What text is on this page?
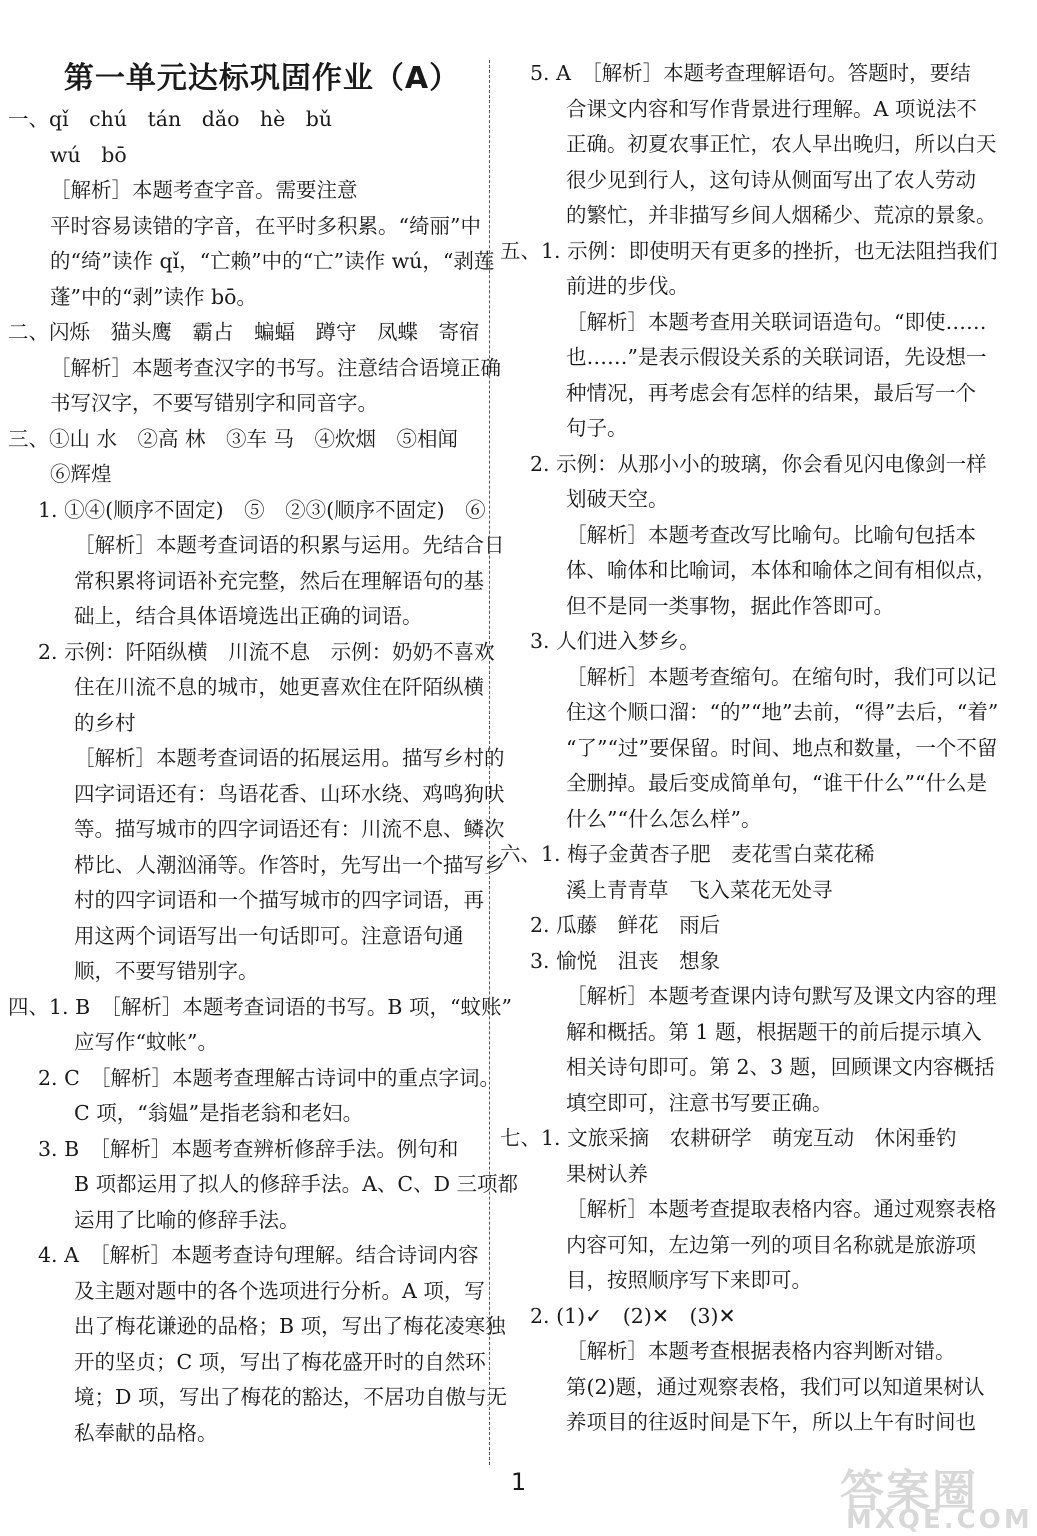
第一单元达标巩固作业（A）
一、qǐ　chú　tán　dǎo　hè　bǔ
wú　bō
［解析］本题考查字音。需要注意
平时容易读错的字音，在平时多积累。“绮丽”中
的“绮”读作 qǐ，“亡赖”中的“亡”读作 wú，“剥莲
蓬”中的“剥”读作 bō。
二、闪烁　猫头鹰　霸占　蝙蝠　蹲守　凤蝶　寄宿
［解析］本题考查汉字的书写。注意结合语境正确
书写汉字，不要写错别字和同音字。
三、①山 水　②高 林　③车 马　④炊烟　⑤相闻
⑥辉煌
1. ①④(顺序不固定)　⑤　②③(顺序不固定)　⑥
［解析］本题考查词语的积累与运用。先结合日
常积累将词语补充完整，然后在理解语句的基
础上，结合具体语境选出正确的词语。
2. 示例：阡陌纵横　川流不息　示例：奶奶不喜欢
住在川流不息的城市，她更喜欢住在阡陌纵横
的乡村
［解析］本题考查词语的拓展运用。描写乡村的
四字词语还有：鸟语花香、山环水绕、鸡鸣狗吠
等。描写城市的四字词语还有：川流不息、鳞次
栉比、人潮汹涌等。作答时，先写出一个描写乡
村的四字词语和一个描写城市的四字词语，再
用这两个词语写出一句话即可。注意语句通
顺，不要写错别字。
四、1. B　［解析］本题考查词语的书写。B 项，“蚊账”
应写作“蚊帐”。
2. C　［解析］本题考查理解古诗词中的重点字词。
C 项，“翁媪”是指老翁和老妇。
3. B　［解析］本题考查辨析修辞手法。例句和
B 项都运用了拟人的修辞手法。A、C、D 三项都
运用了比喻的修辞手法。
4. A　［解析］本题考查诗句理解。结合诗词内容
及主题对题中的各个选项进行分析。A 项，写
出了梅花谦逊的品格；B 项，写出了梅花凌寒独
开的坚贞；C 项，写出了梅花盛开时的自然环
境；D 项，写出了梅花的豁达，不居功自傲与无
私奉献的品格。
5. A　［解析］本题考查理解语句。答题时，要结
合课文内容和写作背景进行理解。A 项说法不
正确。初夏农事正忙，农人早出晚归，所以白天
很少见到行人，这句诗从侧面写出了农人劳动
的繁忙，并非描写乡间人烟稀少、荒凉的景象。
五、1. 示例：即使明天有更多的挫折，也无法阻挡我们
前进的步伐。
［解析］本题考查用关联词语造句。“即使……
也……”是表示假设关系的关联词语，先设想一
种情况，再考虑会有怎样的结果，最后写一个
句子。
2. 示例：从那小小的玻璃，你会看见闪电像剑一样
划破天空。
［解析］本题考查改写比喻句。比喻句包括本
体、喻体和比喻词，本体和喻体之间有相似点，
但不是同一类事物，据此作答即可。
3. 人们进入梦乡。
［解析］本题考查缩句。在缩句时，我们可以记
住这个顺口溜：“的”“地”去前，“得”去后，“着”
“了”“过”要保留。时间、地点和数量，一个不留
全删掉。最后变成简单句，“谁干什么”“什么是
什么”“什么怎么样”。
六、1. 梅子金黄杏子肥　麦花雪白菜花稀
溪上青青草　飞入菜花无处寻
2. 瓜藤　鲜花　雨后
3. 愉悦　沮丧　想象
［解析］本题考查课内诗句默写及课文内容的理
解和概括。第 1 题，根据题干的前后提示填入
相关诗句即可。第 2、3 题，回顾课文内容概括
填空即可，注意书写要正确。
七、1. 文旅采摘　农耕研学　萌宠互动　休闲垂钓
果树认养
［解析］本题考查提取表格内容。通过观察表格
内容可知，左边第一列的项目名称就是旅游项
目，按照顺序写下来即可。
2. (1)✓　(2)✕　(3)✕
［解析］本题考查根据表格内容判断对错。
第(2)题，通过观察表格，我们可以知道果树认
养项目的往返时间是下午，所以上午有时间也
1	答案圈
MXQE.COM
